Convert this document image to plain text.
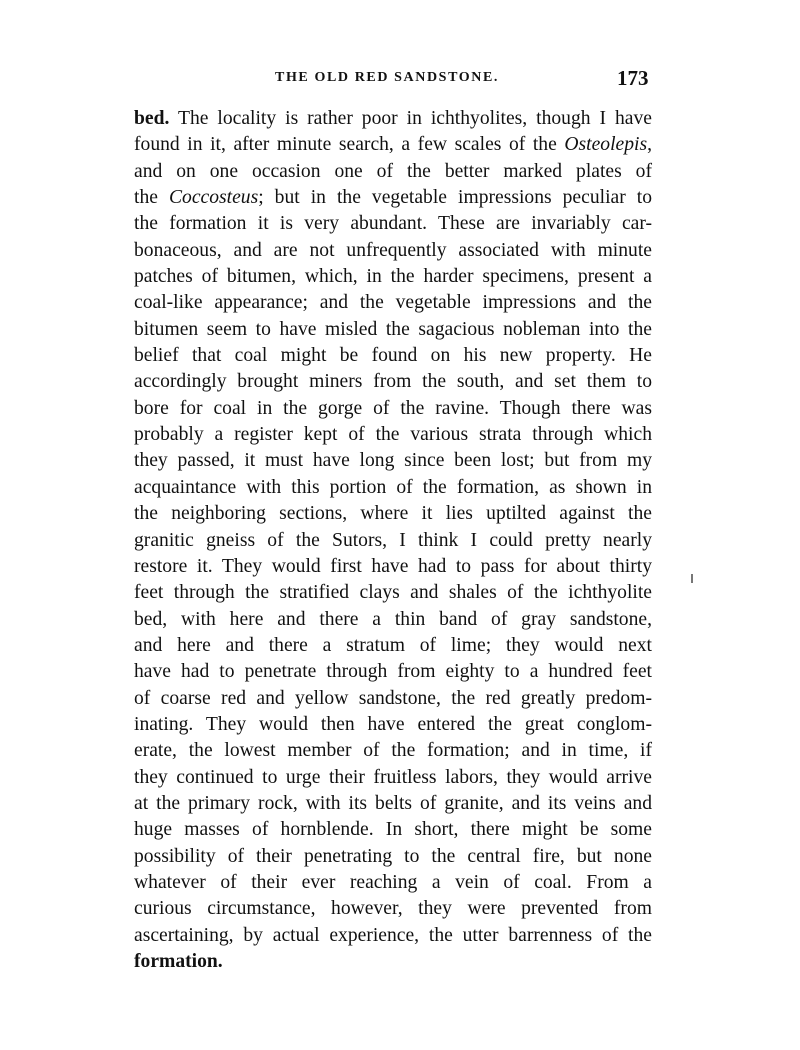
THE OLD RED SANDSTONE.	173
bed. The locality is rather poor in ichthyolites, though I have
found in it, after minute search, a few scales of the Osteolepis,
and on one occasion one of the better marked plates of
the Coccosteus; but in the vegetable impressions peculiar to
the formation it is very abundant. These are invariably car-
bonaceous, and are not unfrequently associated with minute
patches of bitumen, which, in the harder specimens, present a
coal-like appearance; and the vegetable impressions and the
bitumen seem to have misled the sagacious nobleman into the
belief that coal might be found on his new property. He
accordingly brought miners from the south, and set them to
bore for coal in the gorge of the ravine. Though there was
probably a register kept of the various strata through which
they passed, it must have long since been lost; but from my
acquaintance with this portion of the formation, as shown in
the neighboring sections, where it lies uptilted against the
granitic gneiss of the Sutors, I think I could pretty nearly
restore it. They would first have had to pass for about thirty
feet through the stratified clays and shales of the ichthyolite
bed, with here and there a thin band of gray sandstone,
and here and there a stratum of lime; they would next
have had to penetrate through from eighty to a hundred feet
of coarse red and yellow sandstone, the red greatly predom-
inating. They would then have entered the great conglom-
erate, the lowest member of the formation; and in time, if
they continued to urge their fruitless labors, they would arrive
at the primary rock, with its belts of granite, and its veins and
huge masses of hornblende. In short, there might be some
possibility of their penetrating to the central fire, but none
whatever of their ever reaching a vein of coal. From a
curious circumstance, however, they were prevented from
ascertaining, by actual experience, the utter barrenness of the
formation.
